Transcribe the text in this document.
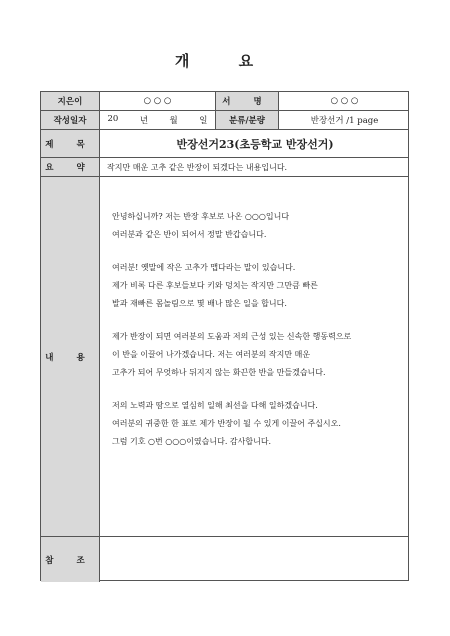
개 요
지은이	○ ○ ○	서 명	○ ○ ○
작성일자	20	년	월	일	분류/분량	반장선거 /1 page
제 목	반장선거23(초등학교 반장선거)
요 약	작지만 매운 고추 같은 반장이 되겠다는 내용입니다.
내 용
안녕하십니까? 저는 반장 후보로 나온 ○○○입니다
여러분과 같은 반이 되어서 정말 반갑습니다.
여러분! 옛말에 작은 고추가 맵다라는 말이 있습니다.
제가 비록 다른 후보들보다 키와 덩치는 작지만 그만큼 빠른
발과 재빠른 몸놀림으로 몇 배나 많은 일을 합니다.
제가 반장이 되면 여러분의 도움과 저의 근성 있는 신속한 행동력으로
이 반을 이끌어 나가겠습니다. 저는 여러분의 작지만 매운
고추가 되어 무엇하나 뒤지지 않는 화끈한 반을 만들겠습니다.
저의 노력과 땀으로 열심히 일해 최선을 다해 일하겠습니다.
여러분의 귀중한 한 표로 제가 반장이 될 수 있게 이끌어 주십시오.
그럼 기호 ○번 ○○○이였습니다. 감사합니다.
참 조
